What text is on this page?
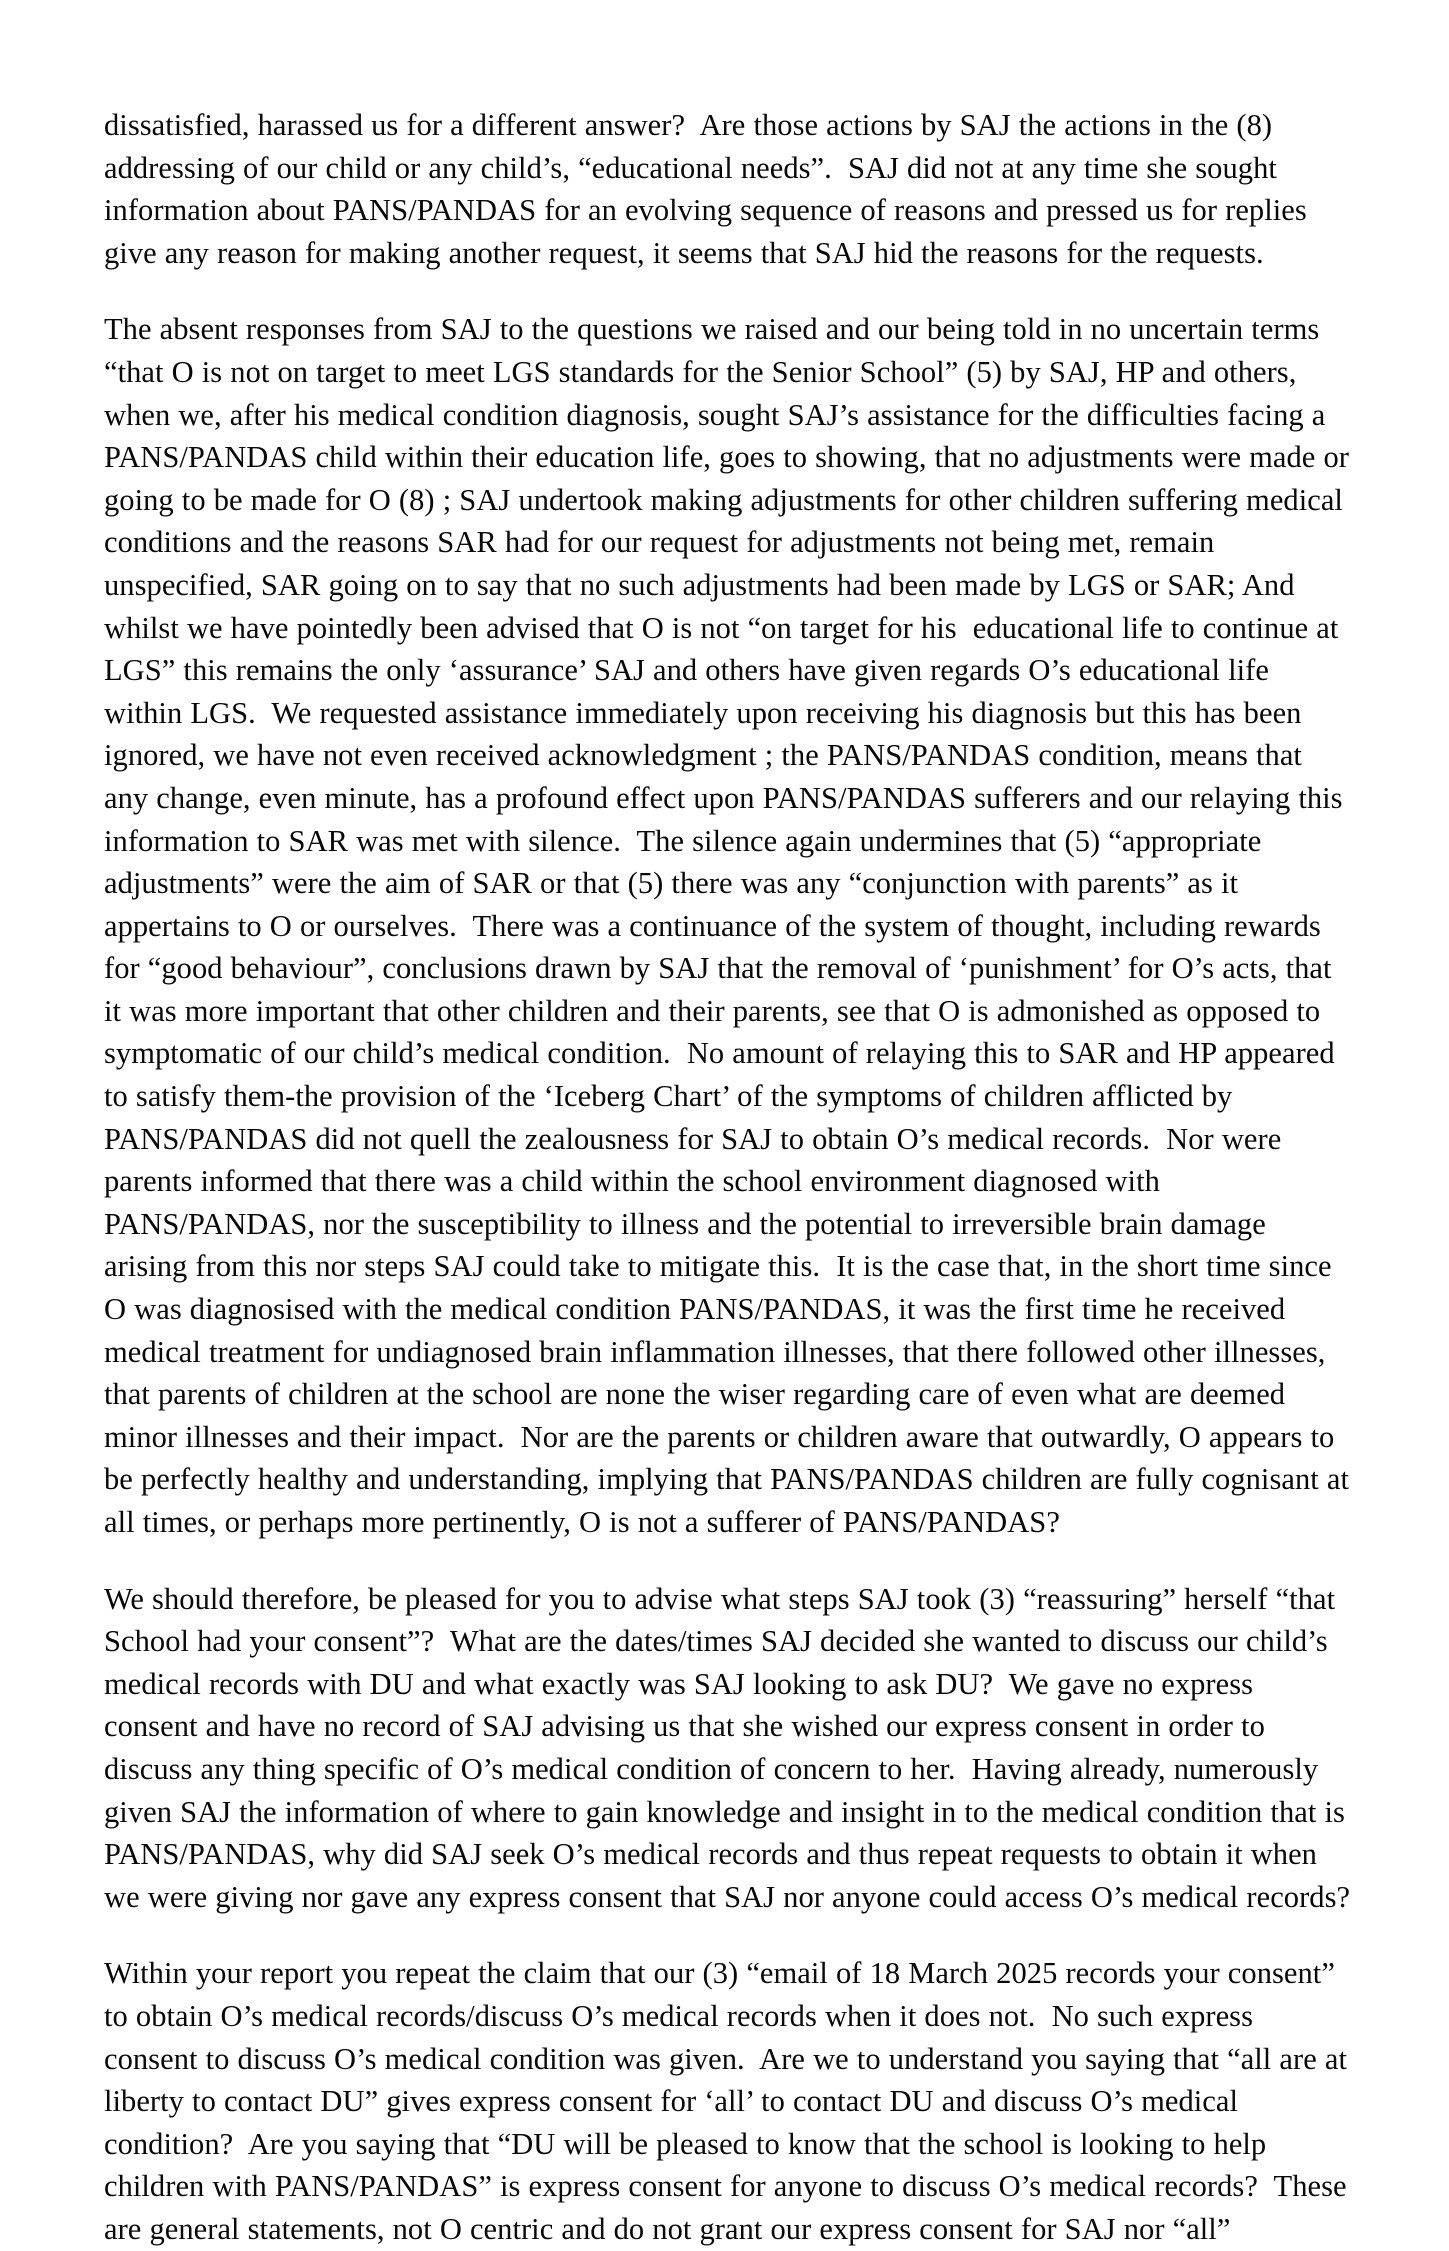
dissatisfied, harassed us for a different answer?  Are those actions by SAJ the actions in the (8) addressing of our child or any child’s, “educational needs”.  SAJ did not at any time she sought information about PANS/PANDAS for an evolving sequence of reasons and pressed us for replies give any reason for making another request, it seems that SAJ hid the reasons for the requests.

The absent responses from SAJ to the questions we raised and our being told in no uncertain terms “that O is not on target to meet LGS standards for the Senior School” (5) by SAJ, HP and others, when we, after his medical condition diagnosis, sought SAJ’s assistance for the difficulties facing a PANS/PANDAS child within their education life, goes to showing, that no adjustments were made or going to be made for O (8) ; SAJ undertook making adjustments for other children suffering medical conditions and the reasons SAR had for our request for adjustments not being met, remain unspecified, SAR going on to say that no such adjustments had been made by LGS or SAR; And whilst we have pointedly been advised that O is not “on target for his  educational life to continue at LGS” this remains the only ‘assurance’ SAJ and others have given regards O’s educational life within LGS.  We requested assistance immediately upon receiving his diagnosis but this has been ignored, we have not even received acknowledgment ; the PANS/PANDAS condition, means that any change, even minute, has a profound effect upon PANS/PANDAS sufferers and our relaying this information to SAR was met with silence.  The silence again undermines that (5) “appropriate adjustments” were the aim of SAR or that (5) there was any “conjunction with parents” as it appertains to O or ourselves.  There was a continuance of the system of thought, including rewards for “good behaviour”, conclusions drawn by SAJ that the removal of ‘punishment’ for O’s acts, that it was more important that other children and their parents, see that O is admonished as opposed to symptomatic of our child’s medical condition.  No amount of relaying this to SAR and HP appeared to satisfy them-the provision of the ‘Iceberg Chart’ of the symptoms of children afflicted by PANS/PANDAS did not quell the zealousness for SAJ to obtain O’s medical records.  Nor were parents informed that there was a child within the school environment diagnosed with PANS/PANDAS, nor the susceptibility to illness and the potential to irreversible brain damage arising from this nor steps SAJ could take to mitigate this.  It is the case that, in the short time since O was diagnosised with the medical condition PANS/PANDAS, it was the first time he received medical treatment for undiagnosed brain inflammation illnesses, that there followed other illnesses, that parents of children at the school are none the wiser regarding care of even what are deemed minor illnesses and their impact.  Nor are the parents or children aware that outwardly, O appears to be perfectly healthy and understanding, implying that PANS/PANDAS children are fully cognisant at all times, or perhaps more pertinently, O is not a sufferer of PANS/PANDAS?

We should therefore, be pleased for you to advise what steps SAJ took (3) “reassuring” herself “that School had your consent”?  What are the dates/times SAJ decided she wanted to discuss our child’s medical records with DU and what exactly was SAJ looking to ask DU?  We gave no express consent and have no record of SAJ advising us that she wished our express consent in order to discuss any thing specific of O’s medical condition of concern to her.  Having already, numerously given SAJ the information of where to gain knowledge and insight in to the medical condition that is PANS/PANDAS, why did SAJ seek O’s medical records and thus repeat requests to obtain it when we were giving nor gave any express consent that SAJ nor anyone could access O’s medical records?

Within your report you repeat the claim that our (3) “email of 18 March 2025 records your consent” to obtain O’s medical records/discuss O’s medical records when it does not.  No such express consent to discuss O’s medical condition was given.  Are we to understand you saying that “all are at liberty to contact DU” gives express consent for ‘all’ to contact DU and discuss O’s medical condition?  Are you saying that “DU will be pleased to know that the school is looking to help children with PANS/PANDAS” is express consent for anyone to discuss O’s medical records?  These are general statements, not O centric and do not grant our express consent for SAJ nor “all”
